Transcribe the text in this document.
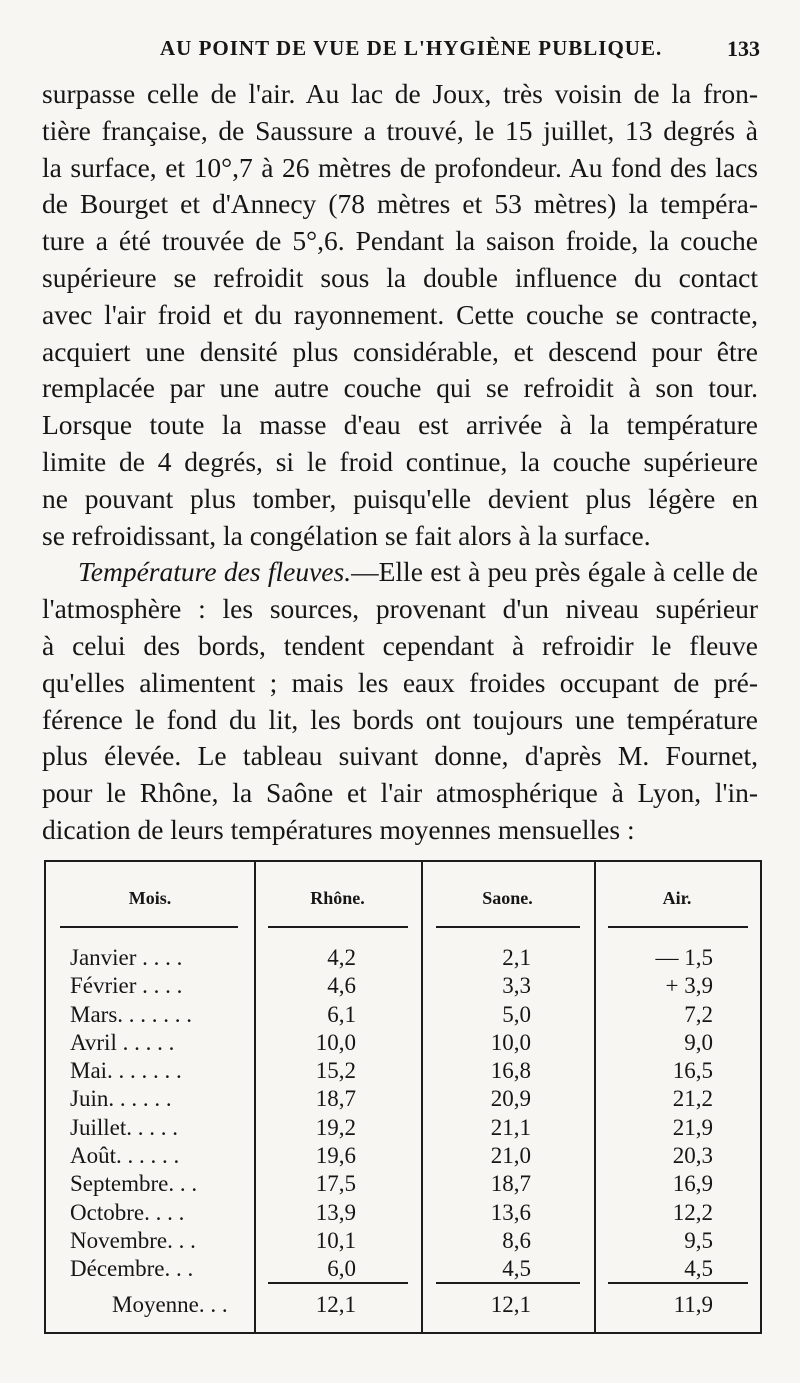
AU POINT DE VUE DE L'HYGIÈNE PUBLIQUE.	133
surpasse celle de l'air. Au lac de Joux, très voisin de la fron-
tière française, de Saussure a trouvé, le 15 juillet, 13 degrés à
la surface, et 10°,7 à 26 mètres de profondeur. Au fond des lacs
de Bourget et d'Annecy (78 mètres et 53 mètres) la tempéra-
ture a été trouvée de 5°,6. Pendant la saison froide, la couche
supérieure se refroidit sous la double influence du contact
avec l'air froid et du rayonnement. Cette couche se contracte,
acquiert une densité plus considérable, et descend pour être
remplacée par une autre couche qui se refroidit à son tour.
Lorsque toute la masse d'eau est arrivée à la température
limite de 4 degrés, si le froid continue, la couche supérieure
ne pouvant plus tomber, puisqu'elle devient plus légère en
se refroidissant, la congélation se fait alors à la surface.
Température des fleuves.—Elle est à peu près égale à celle de
l'atmosphère : les sources, provenant d'un niveau supérieur
à celui des bords, tendent cependant à refroidir le fleuve
qu'elles alimentent ; mais les eaux froides occupant de pré-
férence le fond du lit, les bords ont toujours une température
plus élevée. Le tableau suivant donne, d'après M. Fournet,
pour le Rhône, la Saône et l'air atmosphérique à Lyon, l'in-
dication de leurs températures moyennes mensuelles :
Mois.	Rhône.	Saone.	Air.
Janvier . . . .	4,2	2,1	— 1,5
Février . . . .	4,6	3,3	+ 3,9
Mars. . . . . . .	6,1	5,0	7,2
Avril . . . . .	10,0	10,0	9,0
Mai. . . . . . .	15,2	16,8	16,5
Juin. . . . . .	18,7	20,9	21,2
Juillet. . . . .	19,2	21,1	21,9
Août. . . . . .	19,6	21,0	20,3
Septembre. . .	17,5	18,7	16,9
Octobre. . . .	13,9	13,6	12,2
Novembre. . .	10,1	8,6	9,5
Décembre. . .	6,0	4,5	4,5
Moyenne. . .	12,1	12,1	11,9
